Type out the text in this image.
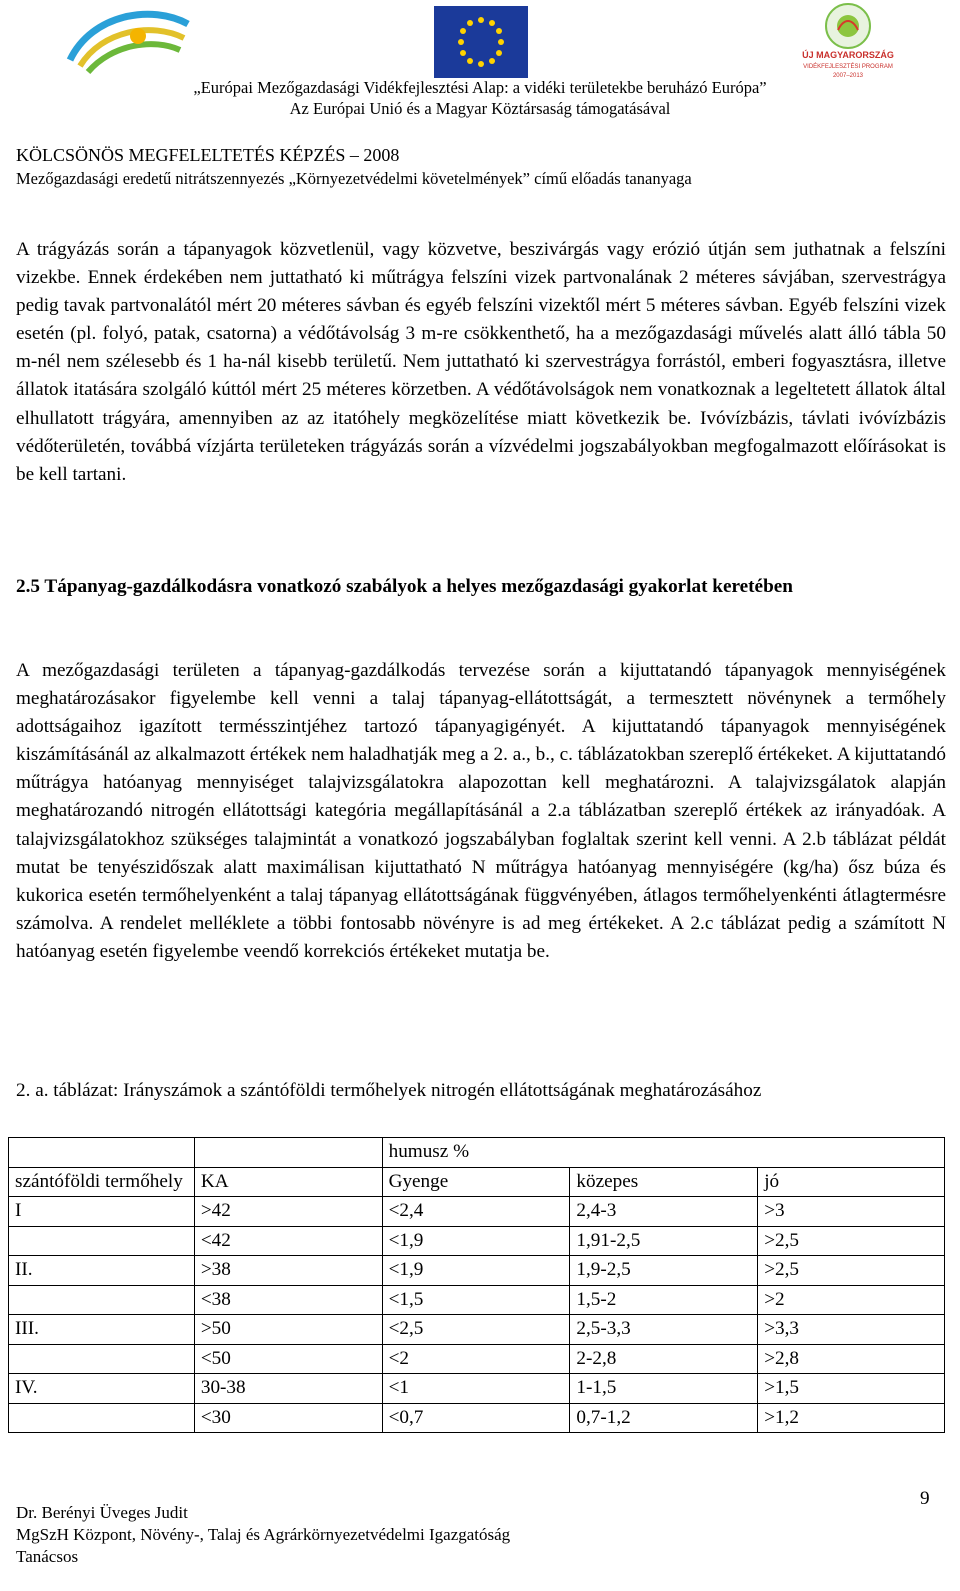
ÚJ MAGYARORSZÁG
VIDÉKFEJLESZTÉSI PROGRAM
2007–2013
„Európai Mezőgazdasági Vidékfejlesztési Alap: a vidéki területekbe beruházó Európa”
Az Európai Unió és a Magyar Köztársaság támogatásával
KÖLCSÖNÖS MEGFELELTETÉS KÉPZÉS – 2008
Mezőgazdasági eredetű nitrátszennyezés „Környezetvédelmi követelmények” című előadás tananyaga
A trágyázás során a tápanyagok közvetlenül, vagy közvetve, beszivárgás vagy erózió útján sem juthatnak a felszíni vizekbe. Ennek érdekében nem juttatható ki műtrágya felszíni vizek partvonalának 2 méteres sávjában, szervestrágya pedig tavak partvonalától mért 20 méteres sávban és egyéb felszíni vizektől mért 5 méteres sávban. Egyéb felszíni vizek esetén (pl. folyó, patak, csatorna) a védőtávolság 3 m-re csökkenthető, ha a mezőgazdasági művelés alatt álló tábla 50 m-nél nem szélesebb és 1 ha-nál kisebb területű. Nem juttatható ki szervestrágya forrástól, emberi fogyasztásra, illetve állatok itatására szolgáló kúttól mért 25 méteres körzetben. A védőtávolságok nem vonatkoznak a legeltetett állatok által elhullatott trágyára, amennyiben az az itatóhely megközelítése miatt következik be. Ivóvízbázis, távlati ivóvízbázis védőterületén, továbbá vízjárta területeken trágyázás során a vízvédelmi jogszabályokban megfogalmazott előírásokat is be kell tartani.
2.5 Tápanyag-gazdálkodásra vonatkozó szabályok a helyes mezőgazdasági gyakorlat keretében
A mezőgazdasági területen a tápanyag-gazdálkodás tervezése során a kijuttatandó tápanyagok mennyiségének meghatározásakor figyelembe kell venni a talaj tápanyag-ellátottságát, a termesztett növénynek a termőhely adottságaihoz igazított termésszintjéhez tartozó tápanyagigényét. A kijuttatandó tápanyagok mennyiségének kiszámításánál az alkalmazott értékek nem haladhatják meg a 2. a., b., c. táblázatokban szereplő értékeket. A kijuttatandó műtrágya hatóanyag mennyiséget talajvizsgálatokra alapozottan kell meghatározni. A talajvizsgálatok alapján meghatározandó nitrogén ellátottsági kategória megállapításánál a 2.a táblázatban szereplő értékek az irányadóak. A talajvizsgálatokhoz szükséges talajmintát a vonatkozó jogszabályban foglaltak szerint kell venni. A 2.b táblázat példát mutat be tenyészidőszak alatt maximálisan kijuttatható N műtrágya hatóanyag mennyiségére (kg/ha) ősz búza és kukorica esetén termőhelyenként a talaj tápanyag ellátottságának függvényében, átlagos termőhelyenkénti átlagtermésre számolva. A rendelet melléklete a többi fontosabb növényre is ad meg értékeket. A 2.c táblázat pedig a számított N hatóanyag esetén figyelembe veendő korrekciós értékeket mutatja be.
2. a. táblázat: Irányszámok a szántóföldi termőhelyek nitrogén ellátottságának meghatározásához
		humusz %		
szántóföldi termőhely	KA	Gyenge	közepes	jó
I	>42	<2,4	2,4-3	>3
	<42	<1,9	1,91-2,5	>2,5
II.	>38	<1,9	1,9-2,5	>2,5
	<38	<1,5	1,5-2	>2
III.	>50	<2,5	2,5-3,3	>3,3
	<50	<2	2-2,8	>2,8
IV.	30-38	<1	1-1,5	>1,5
	<30	<0,7	0,7-1,2	>1,2
9
Dr. Berényi Üveges Judit
MgSzH Központ, Növény-, Talaj és Agrárkörnyezetvédelmi Igazgatóság
Tanácsos
